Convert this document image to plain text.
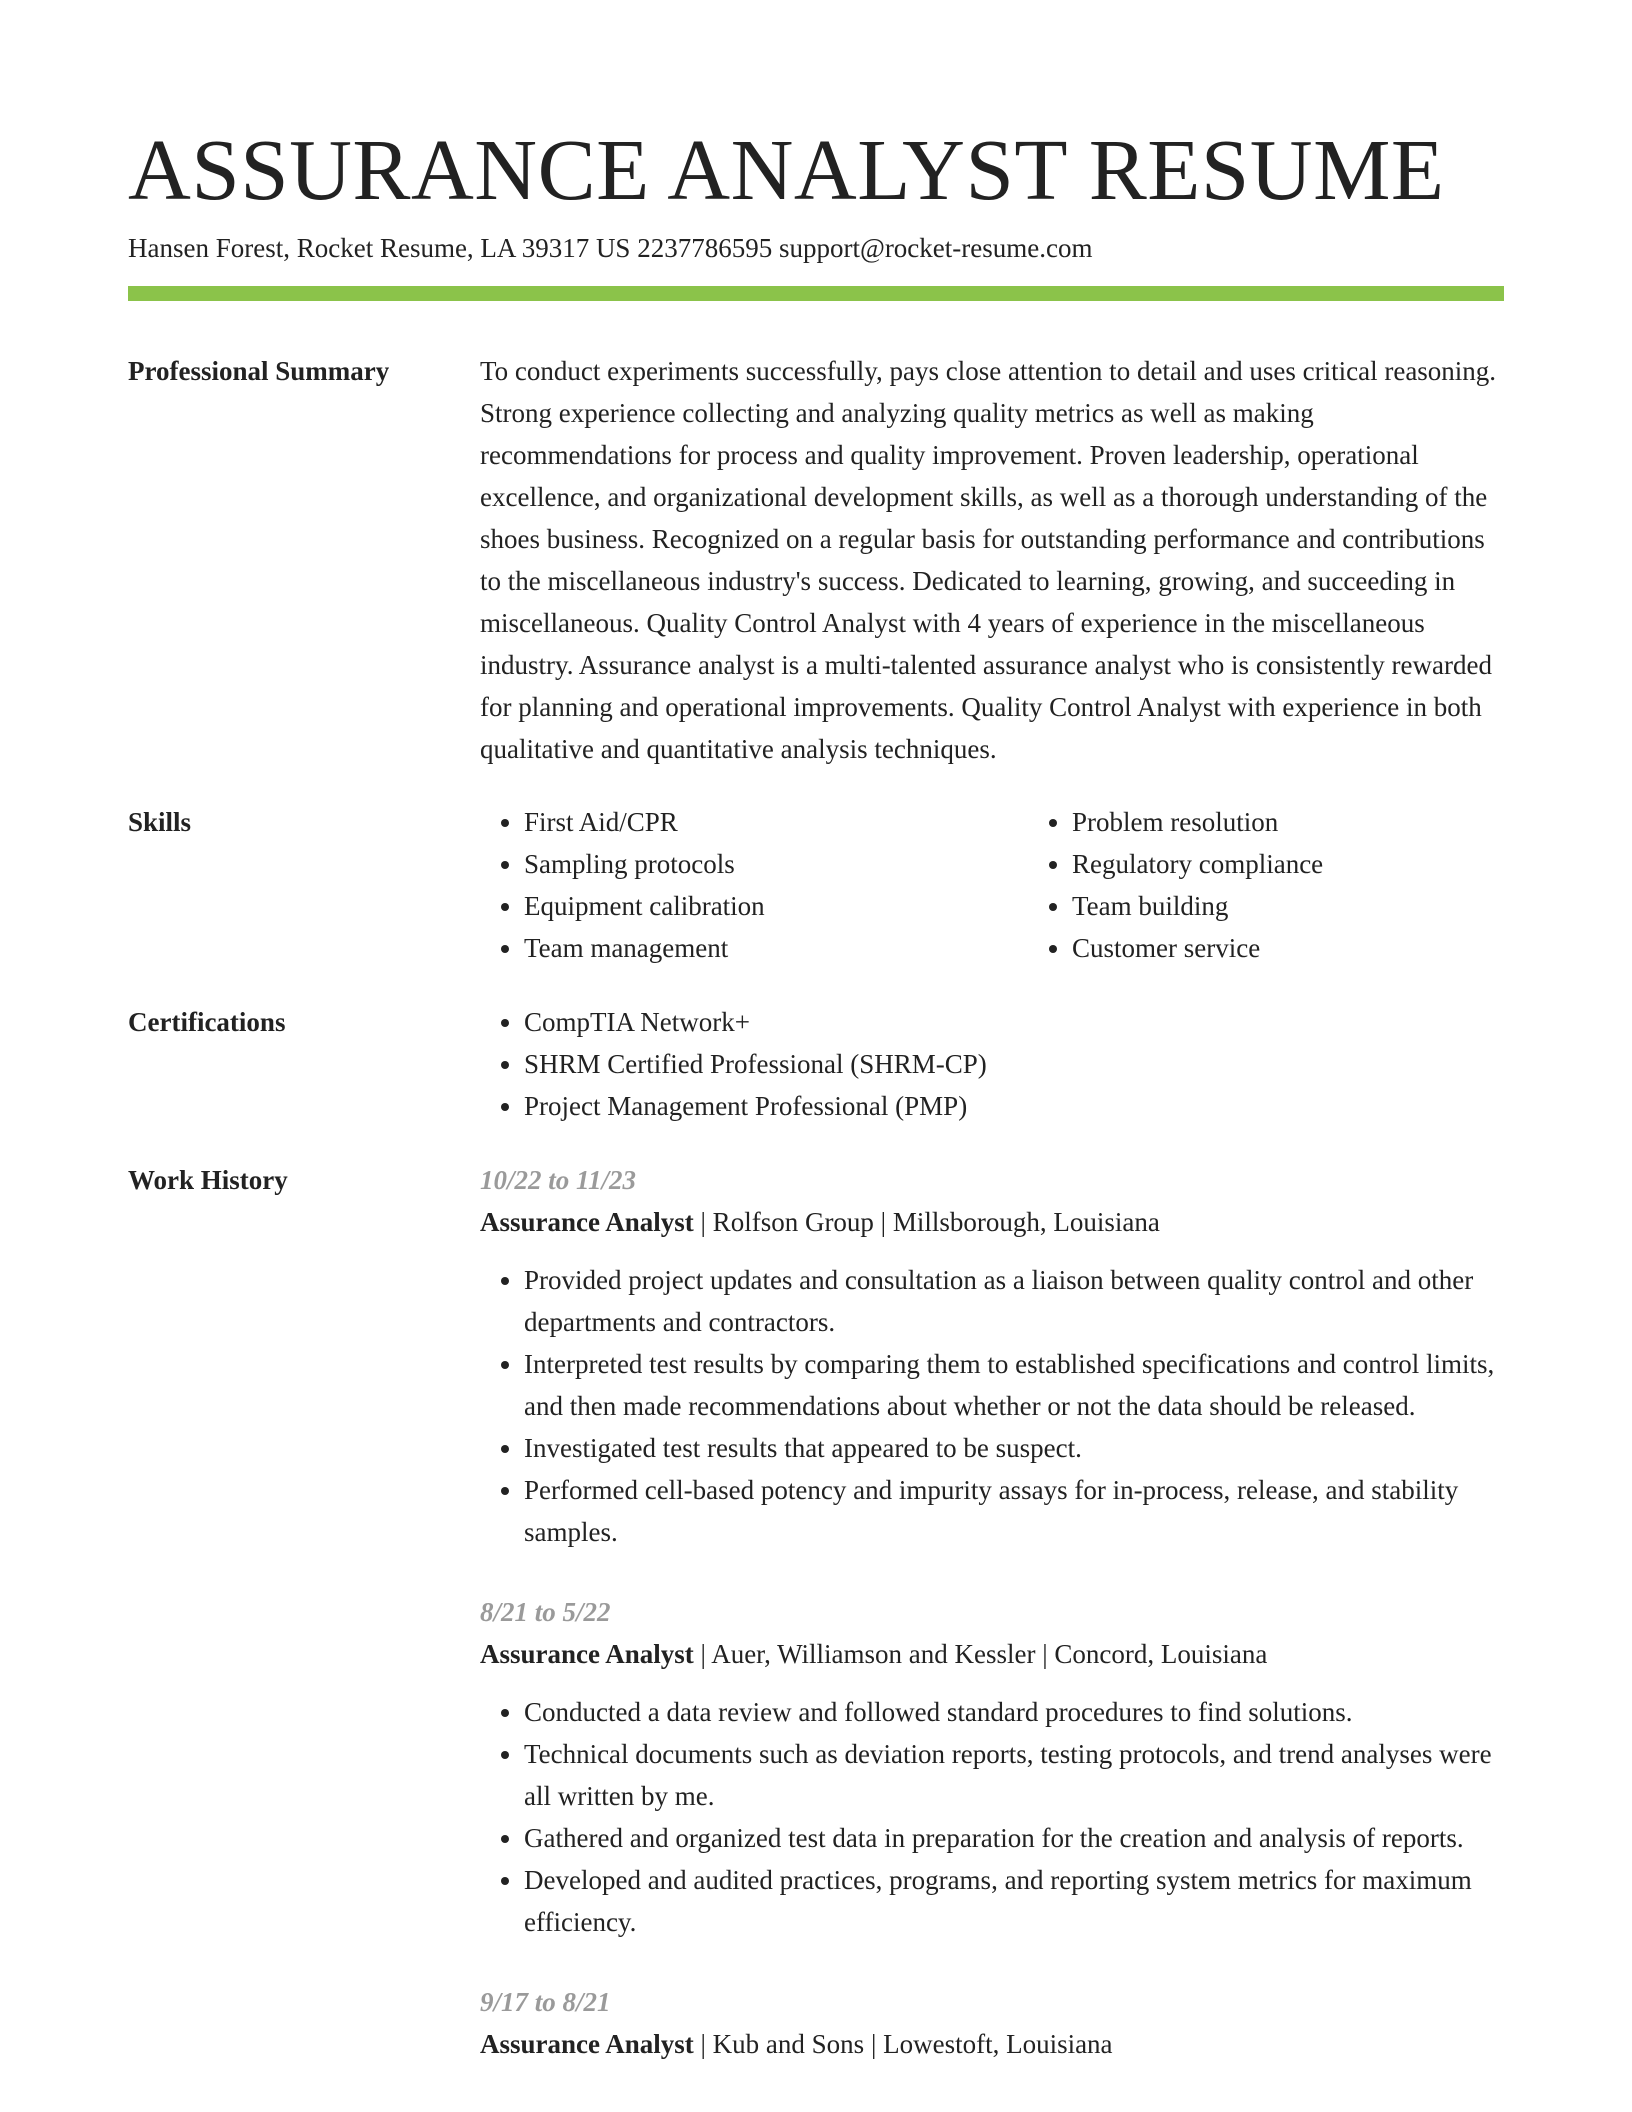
ASSURANCE ANALYST RESUME
Hansen Forest, Rocket Resume, LA 39317 US 2237786595 support@rocket-resume.com
Professional Summary	To conduct experiments successfully, pays close attention to detail and uses critical reasoning. Strong experience collecting and analyzing quality metrics as well as making recommendations for process and quality improvement. Proven leadership, operational excellence, and organizational development skills, as well as a thorough understanding of the shoes business. Recognized on a regular basis for outstanding performance and contributions to the miscellaneous industry's success. Dedicated to learning, growing, and succeeding in miscellaneous. Quality Control Analyst with 4 years of experience in the miscellaneous industry. Assurance analyst is a multi-talented assurance analyst who is consistently rewarded for planning and operational improvements. Quality Control Analyst with experience in both qualitative and quantitative analysis techniques.

Skills	• First Aid/CPR
• Sampling protocols
• Equipment calibration
• Team management
• Problem resolution
• Regulatory compliance
• Team building
• Customer service
Certifications	• CompTIA Network+
• SHRM Certified Professional (SHRM-CP)
• Project Management Professional (PMP)
Work History	10/22 to 11/23
Assurance Analyst | Rolfson Group | Millsborough, Louisiana
• Provided project updates and consultation as a liaison between quality control and other departments and contractors.
• Interpreted test results by comparing them to established specifications and control limits, and then made recommendations about whether or not the data should be released.
• Investigated test results that appeared to be suspect.
• Performed cell-based potency and impurity assays for in-process, release, and stability samples.
8/21 to 5/22
Assurance Analyst | Auer, Williamson and Kessler | Concord, Louisiana
• Conducted a data review and followed standard procedures to find solutions.
• Technical documents such as deviation reports, testing protocols, and trend analyses were all written by me.
• Gathered and organized test data in preparation for the creation and analysis of reports.
• Developed and audited practices, programs, and reporting system metrics for maximum efficiency.
9/17 to 8/21
Assurance Analyst | Kub and Sons | Lowestoft, Louisiana
